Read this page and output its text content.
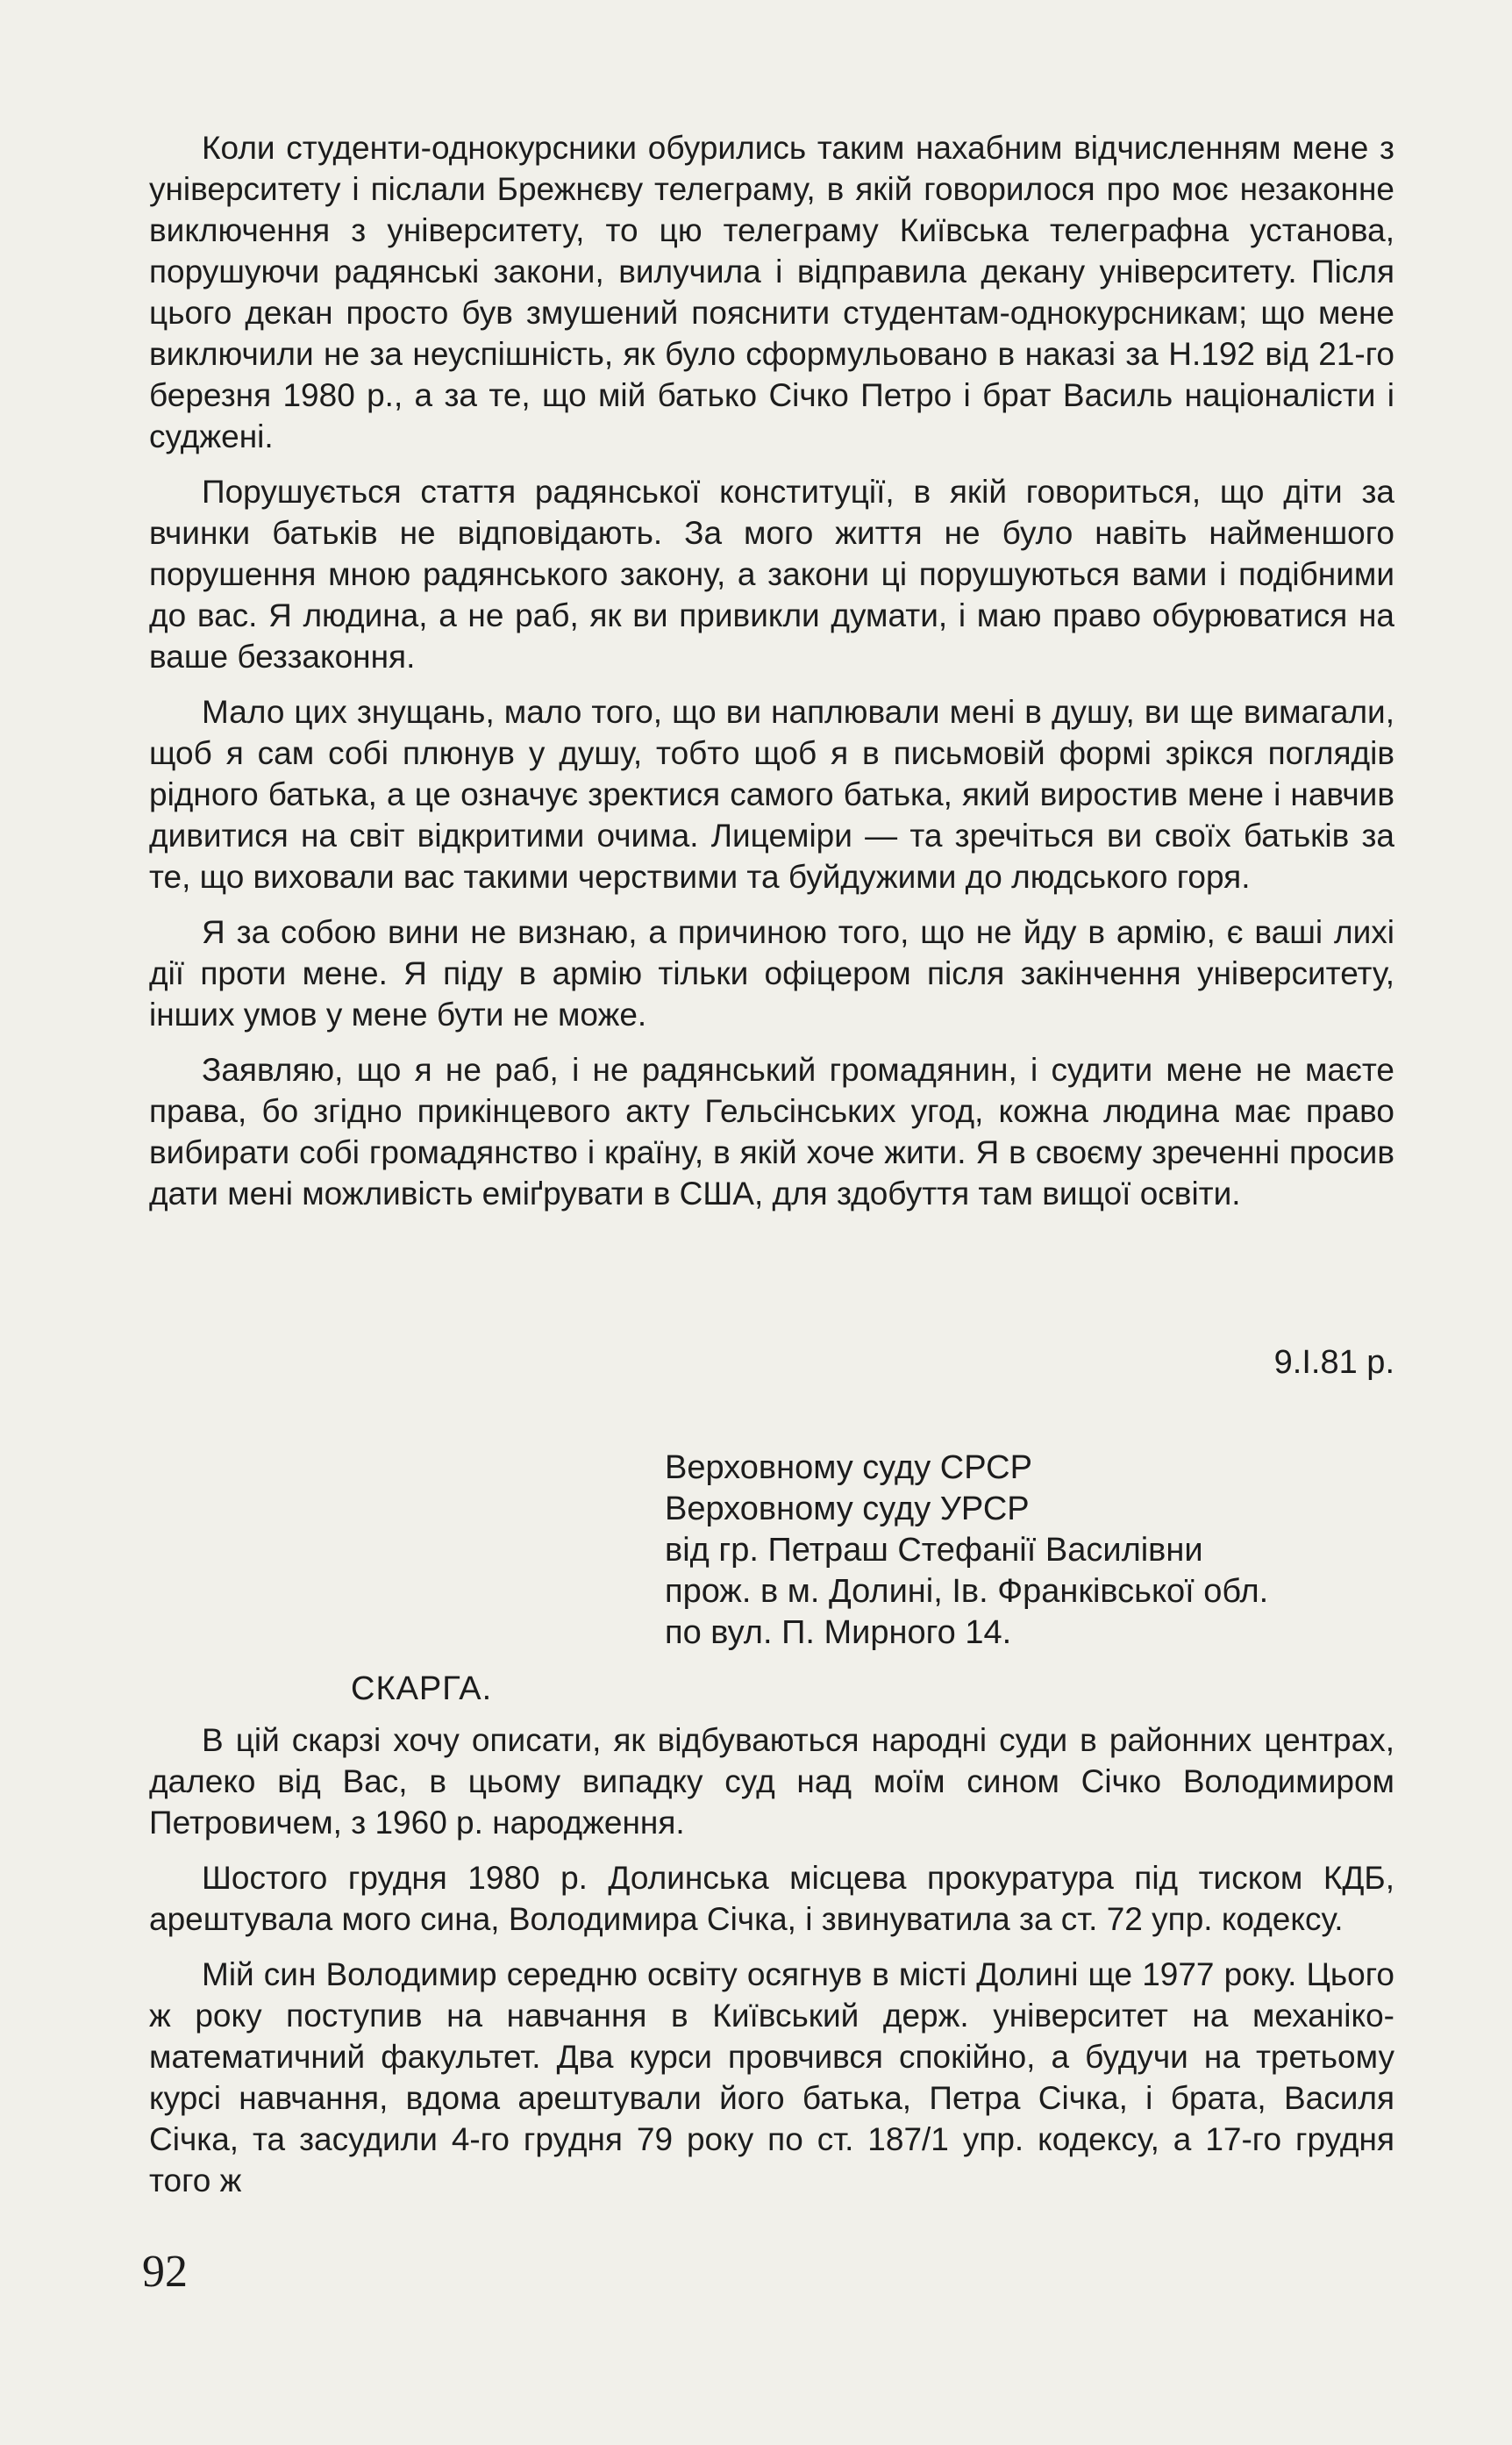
Коли студенти-однокурсники обурились таким нахабним відчисленням мене з університету і післали Брежнєву телеграму, в якій говорилося про моє незаконне виключення з університету, то цю телеграму Київська телеграфна установа, порушуючи радянські закони, вилучила і відправила декану університету. Після цього декан просто був змушений пояснити студентам-однокурсникам; що мене виключили не за неуспішність, як було сформульовано в наказі за Н.192 від 21-го березня 1980 р., а за те, що мій батько Січко Петро і брат Василь націоналісти і суджені.

Порушується стаття радянської конституції, в якій говориться, що діти за вчинки батьків не відповідають. За мого життя не було навіть найменшого порушення мною радянського закону, а закони ці порушуються вами і подібними до вас. Я людина, а не раб, як ви привикли думати, і маю право обурюватися на ваше беззаконня.

Мало цих знущань, мало того, що ви наплювали мені в душу, ви ще вимагали, щоб я сам собі плюнув у душу, тобто щоб я в письмовій формі зрікся поглядів рідного батька, а це означує зректися самого батька, який виростив мене і навчив дивитися на світ відкритими очима. Лицеміри — та зречіться ви своїх батьків за те, що виховали вас такими черствими та буйдужими до людського горя.

Я за собою вини не визнаю, а причиною того, що не йду в армію, є ваші лихі дії проти мене. Я піду в армію тільки офіцером після закінчення університету, інших умов у мене бути не може.

Заявляю, що я не раб, і не радянський громадянин, і судити мене не маєте права, бо згідно прикінцевого акту Гельсінських угод, кожна людина має право вибирати собі громадянство і країну, в якій хоче жити. Я в своєму зреченні просив дати мені можливість еміґрувати в США, для здобуття там вищої освіти.

9.I.81 р.
Верховному суду СРСР
Верховному суду УРСР
від гр. Петраш Стефанії Василівни
прож. в м. Долині, Ів. Франківської обл.
по вул. П. Мирного 14.
СКАРГА.

В цій скарзі хочу описати, як відбуваються народні суди в районних центрах, далеко від Вас, в цьому випадку суд над моїм сином Січко Володимиром Петровичем, з 1960 р. народження.

Шостого грудня 1980 р. Долинська місцева прокуратура під тиском КДБ, арештувала мого сина, Володимира Січка, і звинуватила за ст. 72 упр. кодексу.

Мій син Володимир середню освіту осягнув в місті Долині ще 1977 року. Цього ж року поступив на навчання в Київський держ. університет на механіко-математичний факультет. Два курси провчився спокійно, а будучи на третьому курсі навчання, вдома арештували його батька, Петра Січка, і брата, Василя Січка, та засудили 4-го грудня 79 року по ст. 187/1 упр. кодексу, а 17-го грудня того ж

92
